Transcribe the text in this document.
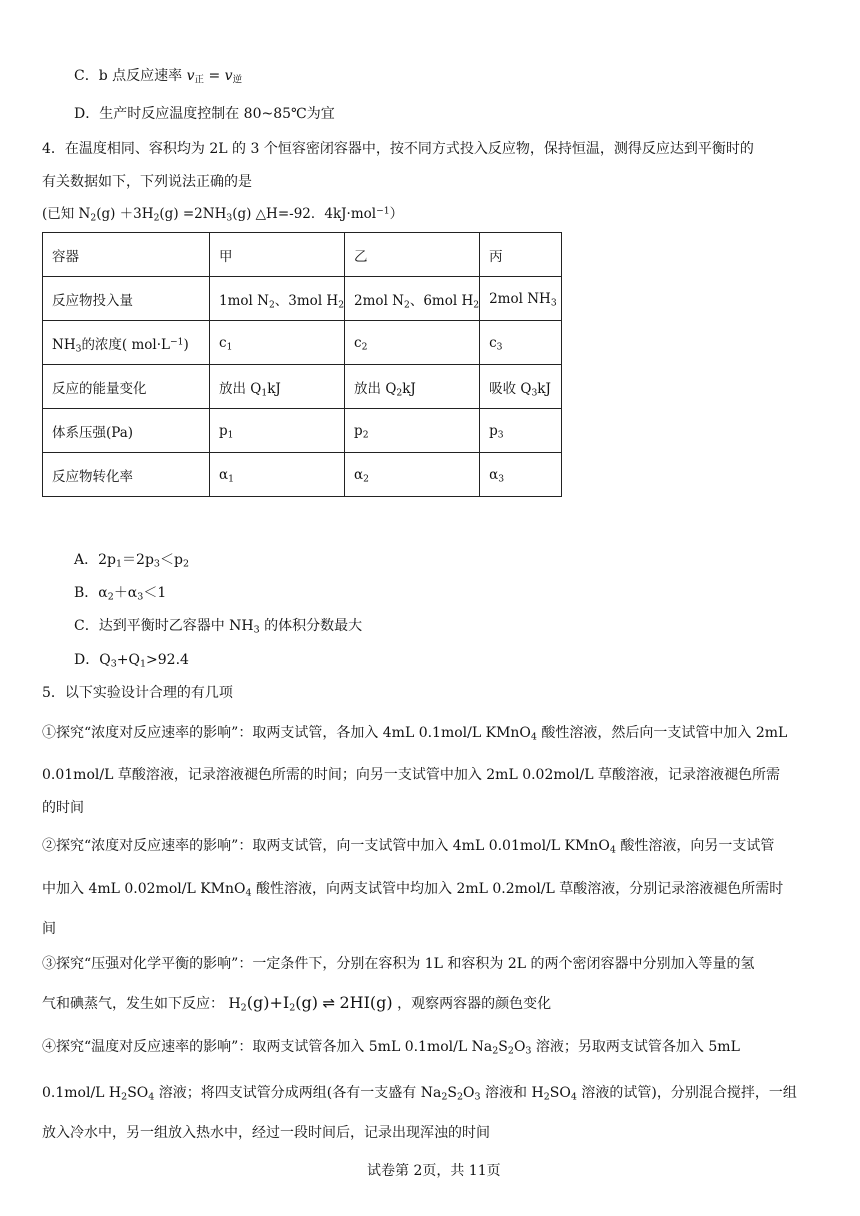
C．b 点反应速率 $v_正 = v_逆$
D．生产时反应温度控制在 80~85℃为宜
4．在温度相同、容积均为 2L 的 3 个恒容密闭容器中，按不同方式投入反应物，保持恒温，测得反应达到平衡时的
有关数据如下，下列说法正确的是
(已知 $N_2(g) +3H_2(g) =2NH_3(g)$ △H=-92．4kJ·mol$^{-1}$）
容器	甲	乙	丙
反应物投入量	1mol $N_2$、3mol $H_2$	2mol $N_2$、6mol $H_2$	2mol $NH_3$
$NH_3$的浓度( $mol\cdot L^{-1}$)	$c_1$	$c_2$	$c_3$
反应的能量变化	放出 $Q_1kJ$	放出 $Q_2kJ$	吸收 $Q_3kJ$
体系压强(Pa)	$p_1$	$p_2$	$p_3$
反应物转化率	$\alpha_1$	$\alpha_2$	$\alpha_3$
A．$2p_1=2p_3<p_2$
B．$\alpha_2+\alpha_3<1$
C．达到平衡时乙容器中 $NH_3$ 的体积分数最大
D．$Q_3+Q_1>92.4$
5．以下实验设计合理的有几项
①探究“浓度对反应速率的影响”：取两支试管，各加入 4mL 0.1mol/L KMnO$_4$ 酸性溶液，然后向一支试管中加入 2mL
0.01mol/L 草酸溶液，记录溶液褪色所需的时间；向另一支试管中加入 2mL 0.02mol/L 草酸溶液，记录溶液褪色所需
的时间
②探究“浓度对反应速率的影响”：取两支试管，向一支试管中加入 4mL 0.01mol/L KMnO$_4$ 酸性溶液，向另一支试管
中加入 4mL 0.02mol/L KMnO$_4$ 酸性溶液，向两支试管中均加入 2mL 0.2mol/L 草酸溶液，分别记录溶液褪色所需时
间
③探究“压强对化学平衡的影响”：一定条件下，分别在容积为 1L 和容积为 2L 的两个密闭容器中分别加入等量的氢
气和碘蒸气，发生如下反应： $H_2(g)+I_2(g)$ ⇌ 2HI(g) ，观察两容器的颜色变化
④探究“温度对反应速率的影响”：取两支试管各加入 5mL 0.1mol/L $Na_2S_2O_3$ 溶液；另取两支试管各加入 5mL
0.1mol/L $H_2SO_4$ 溶液；将四支试管分成两组(各有一支盛有 $Na_2S_2O_3$ 溶液和 $H_2SO_4$ 溶液的试管)，分别混合搅拌，一组
放入冷水中，另一组放入热水中，经过一段时间后，记录出现浑浊的时间
试卷第 2页，共 11页
